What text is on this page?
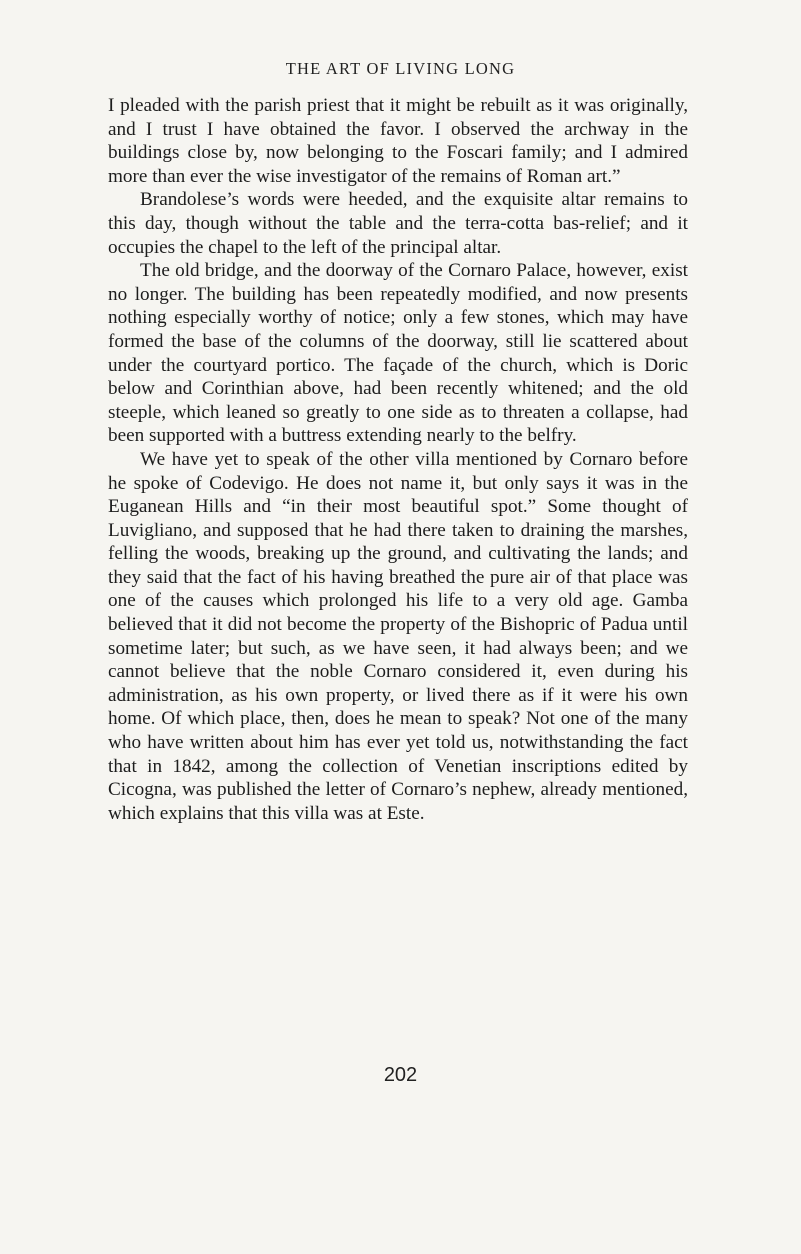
THE ART OF LIVING LONG

I pleaded with the parish priest that it might be rebuilt as it was originally, and I trust I have obtained the favor. I observed the archway in the buildings close by, now belonging to the Foscari family; and I admired more than ever the wise investigator of the remains of Roman art.”

Brandolese’s words were heeded, and the exquisite altar remains to this day, though without the table and the terra-cotta bas-relief; and it occupies the chapel to the left of the principal altar.

The old bridge, and the doorway of the Cornaro Palace, however, exist no longer. The building has been repeatedly modified, and now presents nothing especially worthy of notice; only a few stones, which may have formed the base of the columns of the doorway, still lie scattered about under the courtyard portico. The façade of the church, which is Doric below and Corinthian above, had been recently whitened; and the old steeple, which leaned so greatly to one side as to threaten a collapse, had been supported with a buttress extending nearly to the belfry.

We have yet to speak of the other villa mentioned by Cornaro before he spoke of Codevigo. He does not name it, but only says it was in the Euganean Hills and “in their most beautiful spot.” Some thought of Luvigliano, and supposed that he had there taken to draining the marshes, felling the woods, breaking up the ground, and cultivating the lands; and they said that the fact of his having breathed the pure air of that place was one of the causes which prolonged his life to a very old age. Gamba believed that it did not become the property of the Bishopric of Padua until sometime later; but such, as we have seen, it had always been; and we cannot believe that the noble Cornaro considered it, even during his administration, as his own property, or lived there as if it were his own home. Of which place, then, does he mean to speak? Not one of the many who have written about him has ever yet told us, notwithstanding the fact that in 1842, among the collection of Venetian inscriptions edited by Cicogna, was published the letter of Cornaro’s nephew, already mentioned, which explains that this villa was at Este.

202
